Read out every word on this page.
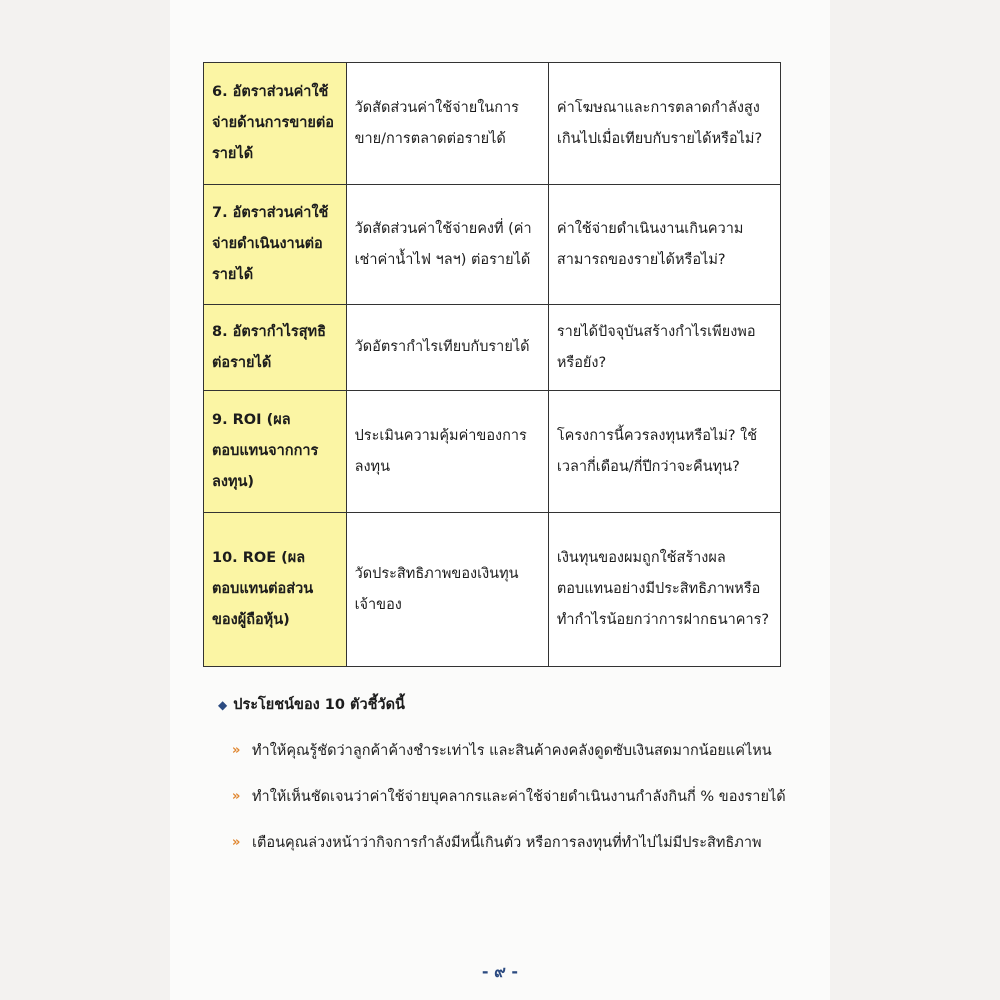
6. อัตราส่วนค่าใช้จ่ายด้านการขายต่อรายได้	วัดสัดส่วนค่าใช้จ่ายในการขาย/การตลาดต่อรายได้	ค่าโฆษณาและการตลาดกำลังสูงเกินไปเมื่อเทียบกับรายได้หรือไม่?
7. อัตราส่วนค่าใช้จ่ายดำเนินงานต่อรายได้	วัดสัดส่วนค่าใช้จ่ายคงที่ (ค่าเช่าค่าน้ำไฟ ฯลฯ) ต่อรายได้	ค่าใช้จ่ายดำเนินงานเกินความสามารถของรายได้หรือไม่?
8. อัตรากำไรสุทธิต่อรายได้	วัดอัตรากำไรเทียบกับรายได้	รายได้ปัจจุบันสร้างกำไรเพียงพอหรือยัง?
9. ROI (ผลตอบแทนจากการลงทุน)	ประเมินความคุ้มค่าของการลงทุน	โครงการนี้ควรลงทุนหรือไม่? ใช้เวลากี่เดือน/กี่ปีกว่าจะคืนทุน?
10. ROE (ผลตอบแทนต่อส่วนของผู้ถือหุ้น)	วัดประสิทธิภาพของเงินทุนเจ้าของ	เงินทุนของผมถูกใช้สร้างผลตอบแทนอย่างมีประสิทธิภาพหรือทำกำไรน้อยกว่าการฝากธนาคาร?
◆ ประโยชน์ของ 10 ตัวชี้วัดนี้
» ทำให้คุณรู้ชัดว่าลูกค้าค้างชำระเท่าไร และสินค้าคงคลังดูดซับเงินสดมากน้อยแค่ไหน
» ทำให้เห็นชัดเจนว่าค่าใช้จ่ายบุคลากรและค่าใช้จ่ายดำเนินงานกำลังกินกี่ % ของรายได้
» เตือนคุณล่วงหน้าว่ากิจการกำลังมีหนี้เกินตัว หรือการลงทุนที่ทำไปไม่มีประสิทธิภาพ
- ๙ -
